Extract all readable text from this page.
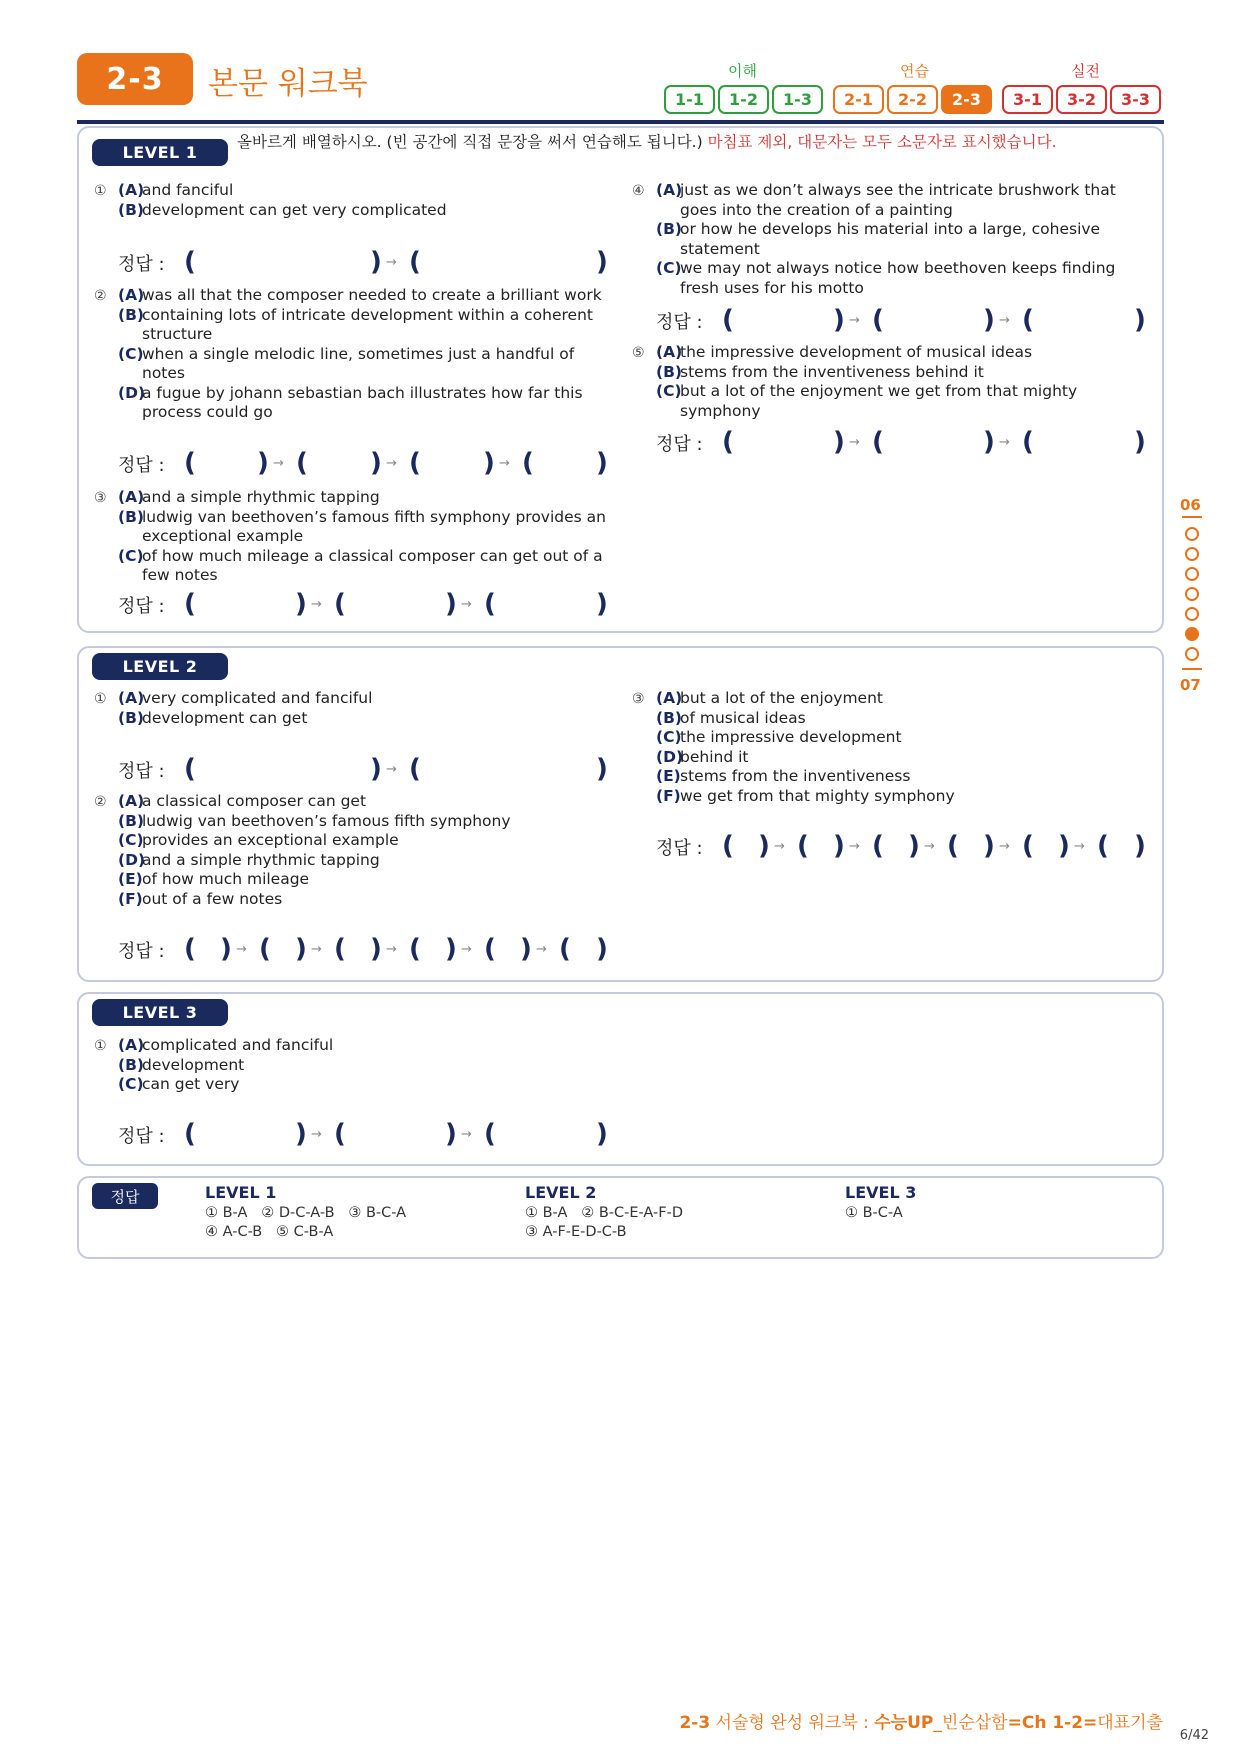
2-3	본문 워크북	이해	연습	실전
1-1	1-2	1-3	2-1	2-2	2-3	3-1	3-2	3-3
06
07
LEVEL 1
올바르게 배열하시오. (빈 공간에 직접 문장을 써서 연습해도 됩니다.) 마침표 제외, 대문자는 모두 소문자로 표시했습니다.
① (A)and fanciful
(B)development can get very complicated
정답 : (	) → (	)
② (A)was all that the composer needed to create a brilliant work
(B)containing lots of intricate development within a coherent structure
(C)when a single melodic line, sometimes just a handful of notes
(D)a fugue by johann sebastian bach illustrates how far this process could go
정답 : ( ) → ( ) → ( ) → ( )
③ (A)and a simple rhythmic tapping
(B)ludwig van beethoven’s famous fifth symphony provides an exceptional example
(C)of how much mileage a classical composer can get out of a few notes
정답 : (	) → (	) → (	)
④ (A)just as we don’t always see the intricate brushwork that goes into the creation of a painting
(B)or how he develops his material into a large, cohesive statement
(C)we may not always notice how beethoven keeps finding fresh uses for his motto
정답 : (	) → (	) → (	)
⑤ (A)the impressive development of musical ideas
(B)stems from the inventiveness behind it
(C)but a lot of the enjoyment we get from that mighty symphony
정답 : (	) → (	) → (	)
LEVEL 2
① (A)very complicated and fanciful
(B)development can get
정답 : (	) → (	)
② (A)a classical composer can get
(B)ludwig van beethoven’s famous fifth symphony
(C)provides an exceptional example
(D)and a simple rhythmic tapping
(E)of how much mileage
(F)out of a few notes
정답 : ( ) → ( ) → ( ) → ( ) → ( ) → ( )
③ (A)but a lot of the enjoyment
(B)of musical ideas
(C)the impressive development
(D)behind it
(E)stems from the inventiveness
(F)we get from that mighty symphony
정답 : ( ) → ( ) → ( ) → ( ) → ( ) → ( )
LEVEL 3
① (A)complicated and fanciful
(B)development
(C)can get very
정답 : (	) → (	) → (	)
정답	LEVEL 1
① B-A   ② D-C-A-B   ③ B-C-A
④ A-C-B   ⑤ C-B-A
LEVEL 2
① B-A   ② B-C-E-A-F-D
③ A-F-E-D-C-B
LEVEL 3
① B-C-A
2-3 서술형 완성 워크북 : 수능UP_빈순삽함=Ch 1-2=대표기출
6/42
